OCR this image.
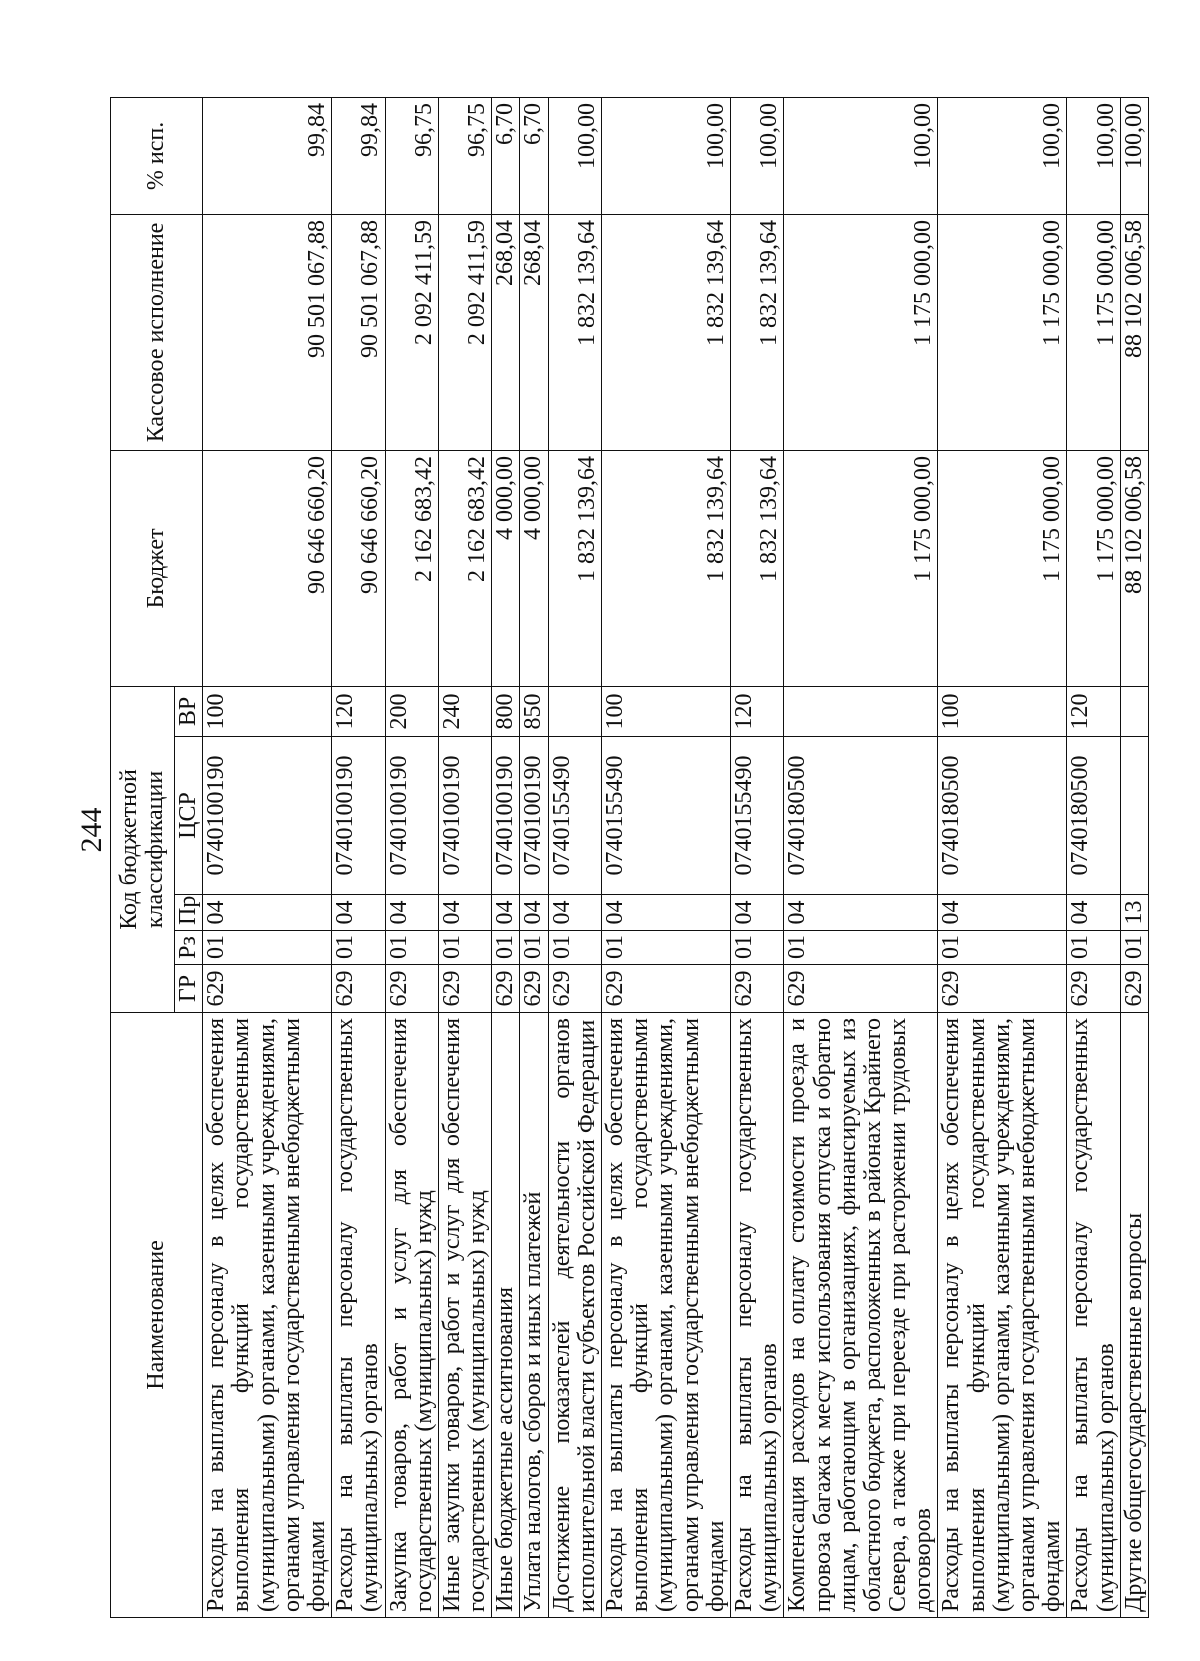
244
Наименование	Код бюджетной классификации					Бюджет	Кассовое исполнение	% исп.
	ГР	Рз	Пр	ЦСР	ВР			
Расходы на выплаты персоналу в целях обеспечения выполнения функций государственными (муниципальными) органами, казенными учреждениями, органами управления государственными внебюджетными фондами	629	01	04	0740100190	100	90 646 660,20	90 501 067,88	99,84
Расходы на выплаты персоналу государственных (муниципальных) органов	629	01	04	0740100190	120	90 646 660,20	90 501 067,88	99,84
Закупка товаров, работ и услуг для обеспечения государственных (муниципальных) нужд	629	01	04	0740100190	200	2 162 683,42	2 092 411,59	96,75
Иные закупки товаров, работ и услуг для обеспечения государственных (муниципальных) нужд	629	01	04	0740100190	240	2 162 683,42	2 092 411,59	96,75
Иные бюджетные ассигнования	629	01	04	0740100190	800	4 000,00	268,04	6,70
Уплата налогов, сборов и иных платежей	629	01	04	0740100190	850	4 000,00	268,04	6,70
Достижение показателей деятельности органов исполнительной власти субъектов Российской Федерации	629	01	04	0740155490		1 832 139,64	1 832 139,64	100,00
Расходы на выплаты персоналу в целях обеспечения выполнения функций государственными (муниципальными) органами, казенными учреждениями, органами управления государственными внебюджетными фондами	629	01	04	0740155490	100	1 832 139,64	1 832 139,64	100,00
Расходы на выплаты персоналу государственных (муниципальных) органов	629	01	04	0740155490	120	1 832 139,64	1 832 139,64	100,00
Компенсация расходов на оплату стоимости проезда и провоза багажа к месту использования отпуска и обратно лицам, работающим в организациях, финансируемых из областного бюджета, расположенных в районах Крайнего Севера, а также при переезде при расторжении трудовых договоров	629	01	04	0740180500		1 175 000,00	1 175 000,00	100,00
Расходы на выплаты персоналу в целях обеспечения выполнения функций государственными (муниципальными) органами, казенными учреждениями, органами управления государственными внебюджетными фондами	629	01	04	0740180500	100	1 175 000,00	1 175 000,00	100,00
Расходы на выплаты персоналу государственных (муниципальных) органов	629	01	04	0740180500	120	1 175 000,00	1 175 000,00	100,00
Другие общегосударственные вопросы	629	01	13			88 102 006,58	88 102 006,58	100,00
